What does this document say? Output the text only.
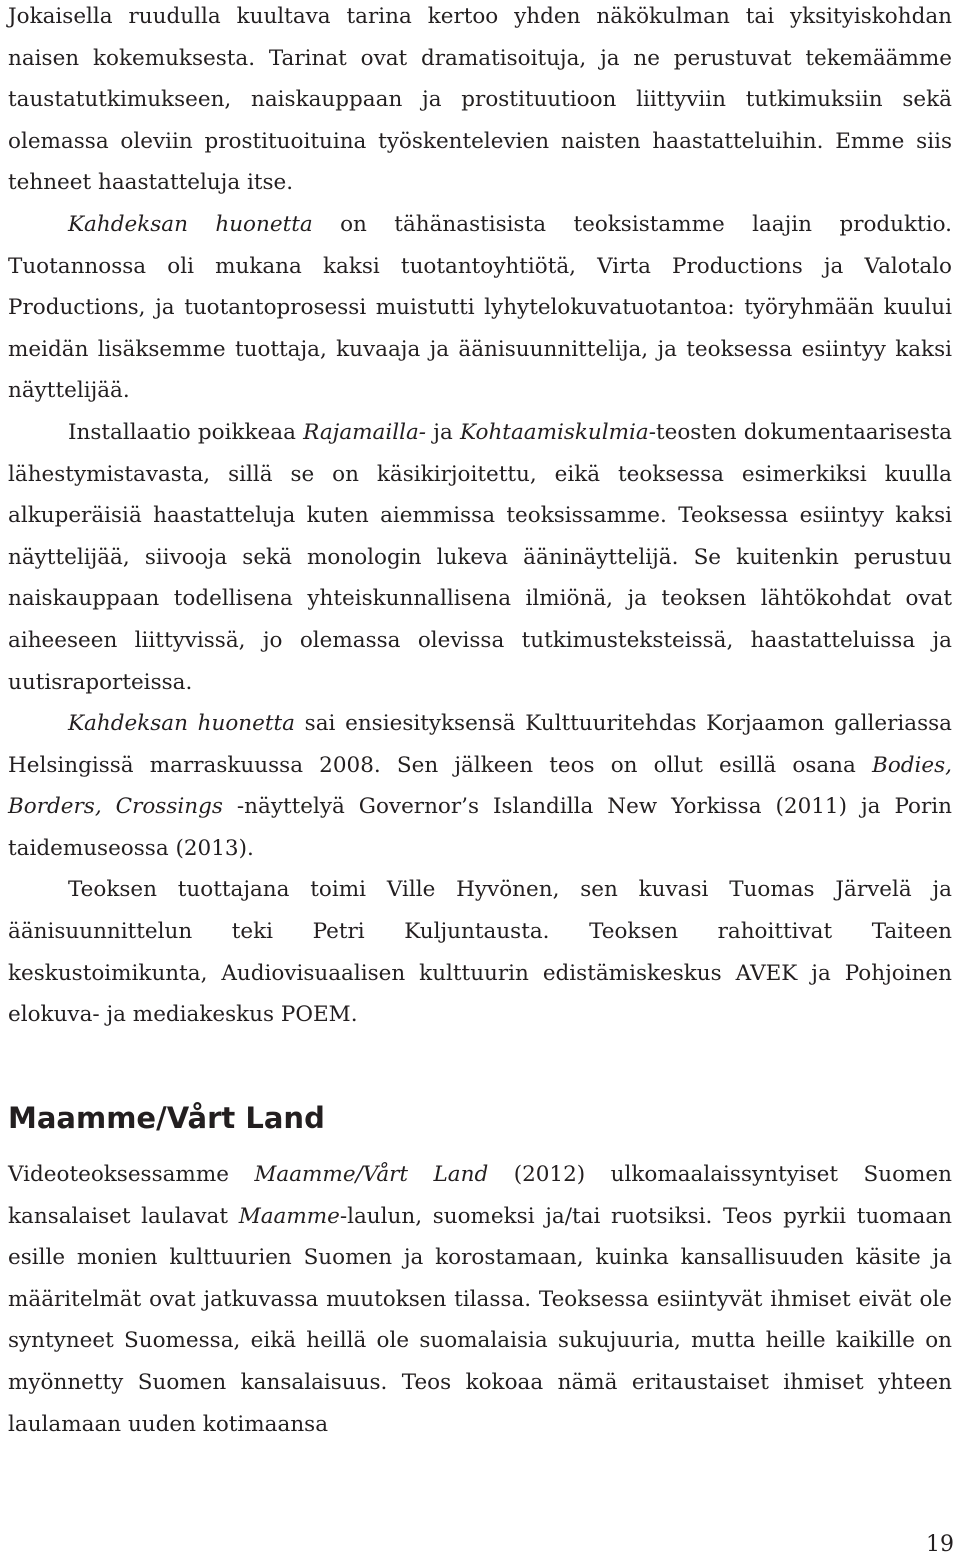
Jokaisella ruudulla kuultava tarina kertoo yhden näkökulman tai yksityiskohdan naisen kokemuksesta. Tarinat ovat dramatisoituja, ja ne perustuvat tekemäämme taustatutkimukseen, naiskauppaan ja prostituutioon liittyviin tutkimuksiin sekä olemassa oleviin prostituoituina työskentelevien naisten haastatteluihin. Emme siis tehneet haastatteluja itse.

Kahdeksan huonetta on tähänastisista teoksistamme laajin produktio. Tuotannossa oli mukana kaksi tuotantoyhtiötä, Virta Productions ja Valotalo Productions, ja tuotantoprosessi muistutti lyhytelokuvatuotantoa: työryhmään kuului meidän lisäksemme tuottaja, kuvaaja ja äänisuunnittelija, ja teoksessa esiintyy kaksi näyttelijää.

Installaatio poikkeaa Rajamailla- ja Kohtaamiskulmia-teosten dokumentaarisesta lähestymistavasta, sillä se on käsikirjoitettu, eikä teoksessa esimerkiksi kuulla alkuperäisiä haastatteluja kuten aiemmissa teoksissamme. Teoksessa esiintyy kaksi näyttelijää, siivooja sekä monologin lukeva ääninäyttelijä. Se kuitenkin perustuu naiskauppaan todellisena yhteiskunnallisena ilmiönä, ja teoksen lähtökohdat ovat aiheeseen liittyvissä, jo olemassa olevissa tutkimusteksteissä, haastatteluissa ja uutisraporteissa.

Kahdeksan huonetta sai ensiesityksensä Kulttuuritehdas Korjaamon galleriassa Helsingissä marraskuussa 2008. Sen jälkeen teos on ollut esillä osana Bodies, Borders, Crossings -näyttelyä Governor’s Islandilla New Yorkissa (2011) ja Porin taidemuseossa (2013).

Teoksen tuottajana toimi Ville Hyvönen, sen kuvasi Tuomas Järvelä ja äänisuunnittelun teki Petri Kuljuntausta. Teoksen rahoittivat Taiteen keskustoimikunta, Audiovisuaalisen kulttuurin edistämiskeskus AVEK ja Pohjoinen elokuva- ja mediakeskus POEM.

Maamme/Vårt Land

Videoteoksessamme Maamme/Vårt Land (2012) ulkomaalaissyntyiset Suomen kansalaiset laulavat Maamme-laulun, suomeksi ja/tai ruotsiksi. Teos pyrkii tuomaan esille monien kulttuurien Suomen ja korostamaan, kuinka kansallisuuden käsite ja määritelmät ovat jatkuvassa muutoksen tilassa. Teoksessa esiintyvät ihmiset eivät ole syntyneet Suomessa, eikä heillä ole suomalaisia sukujuuria, mutta heille kaikille on myönnetty Suomen kansalaisuus. Teos kokoaa nämä eritaustaiset ihmiset yhteen laulamaan uuden kotimaansa

19
